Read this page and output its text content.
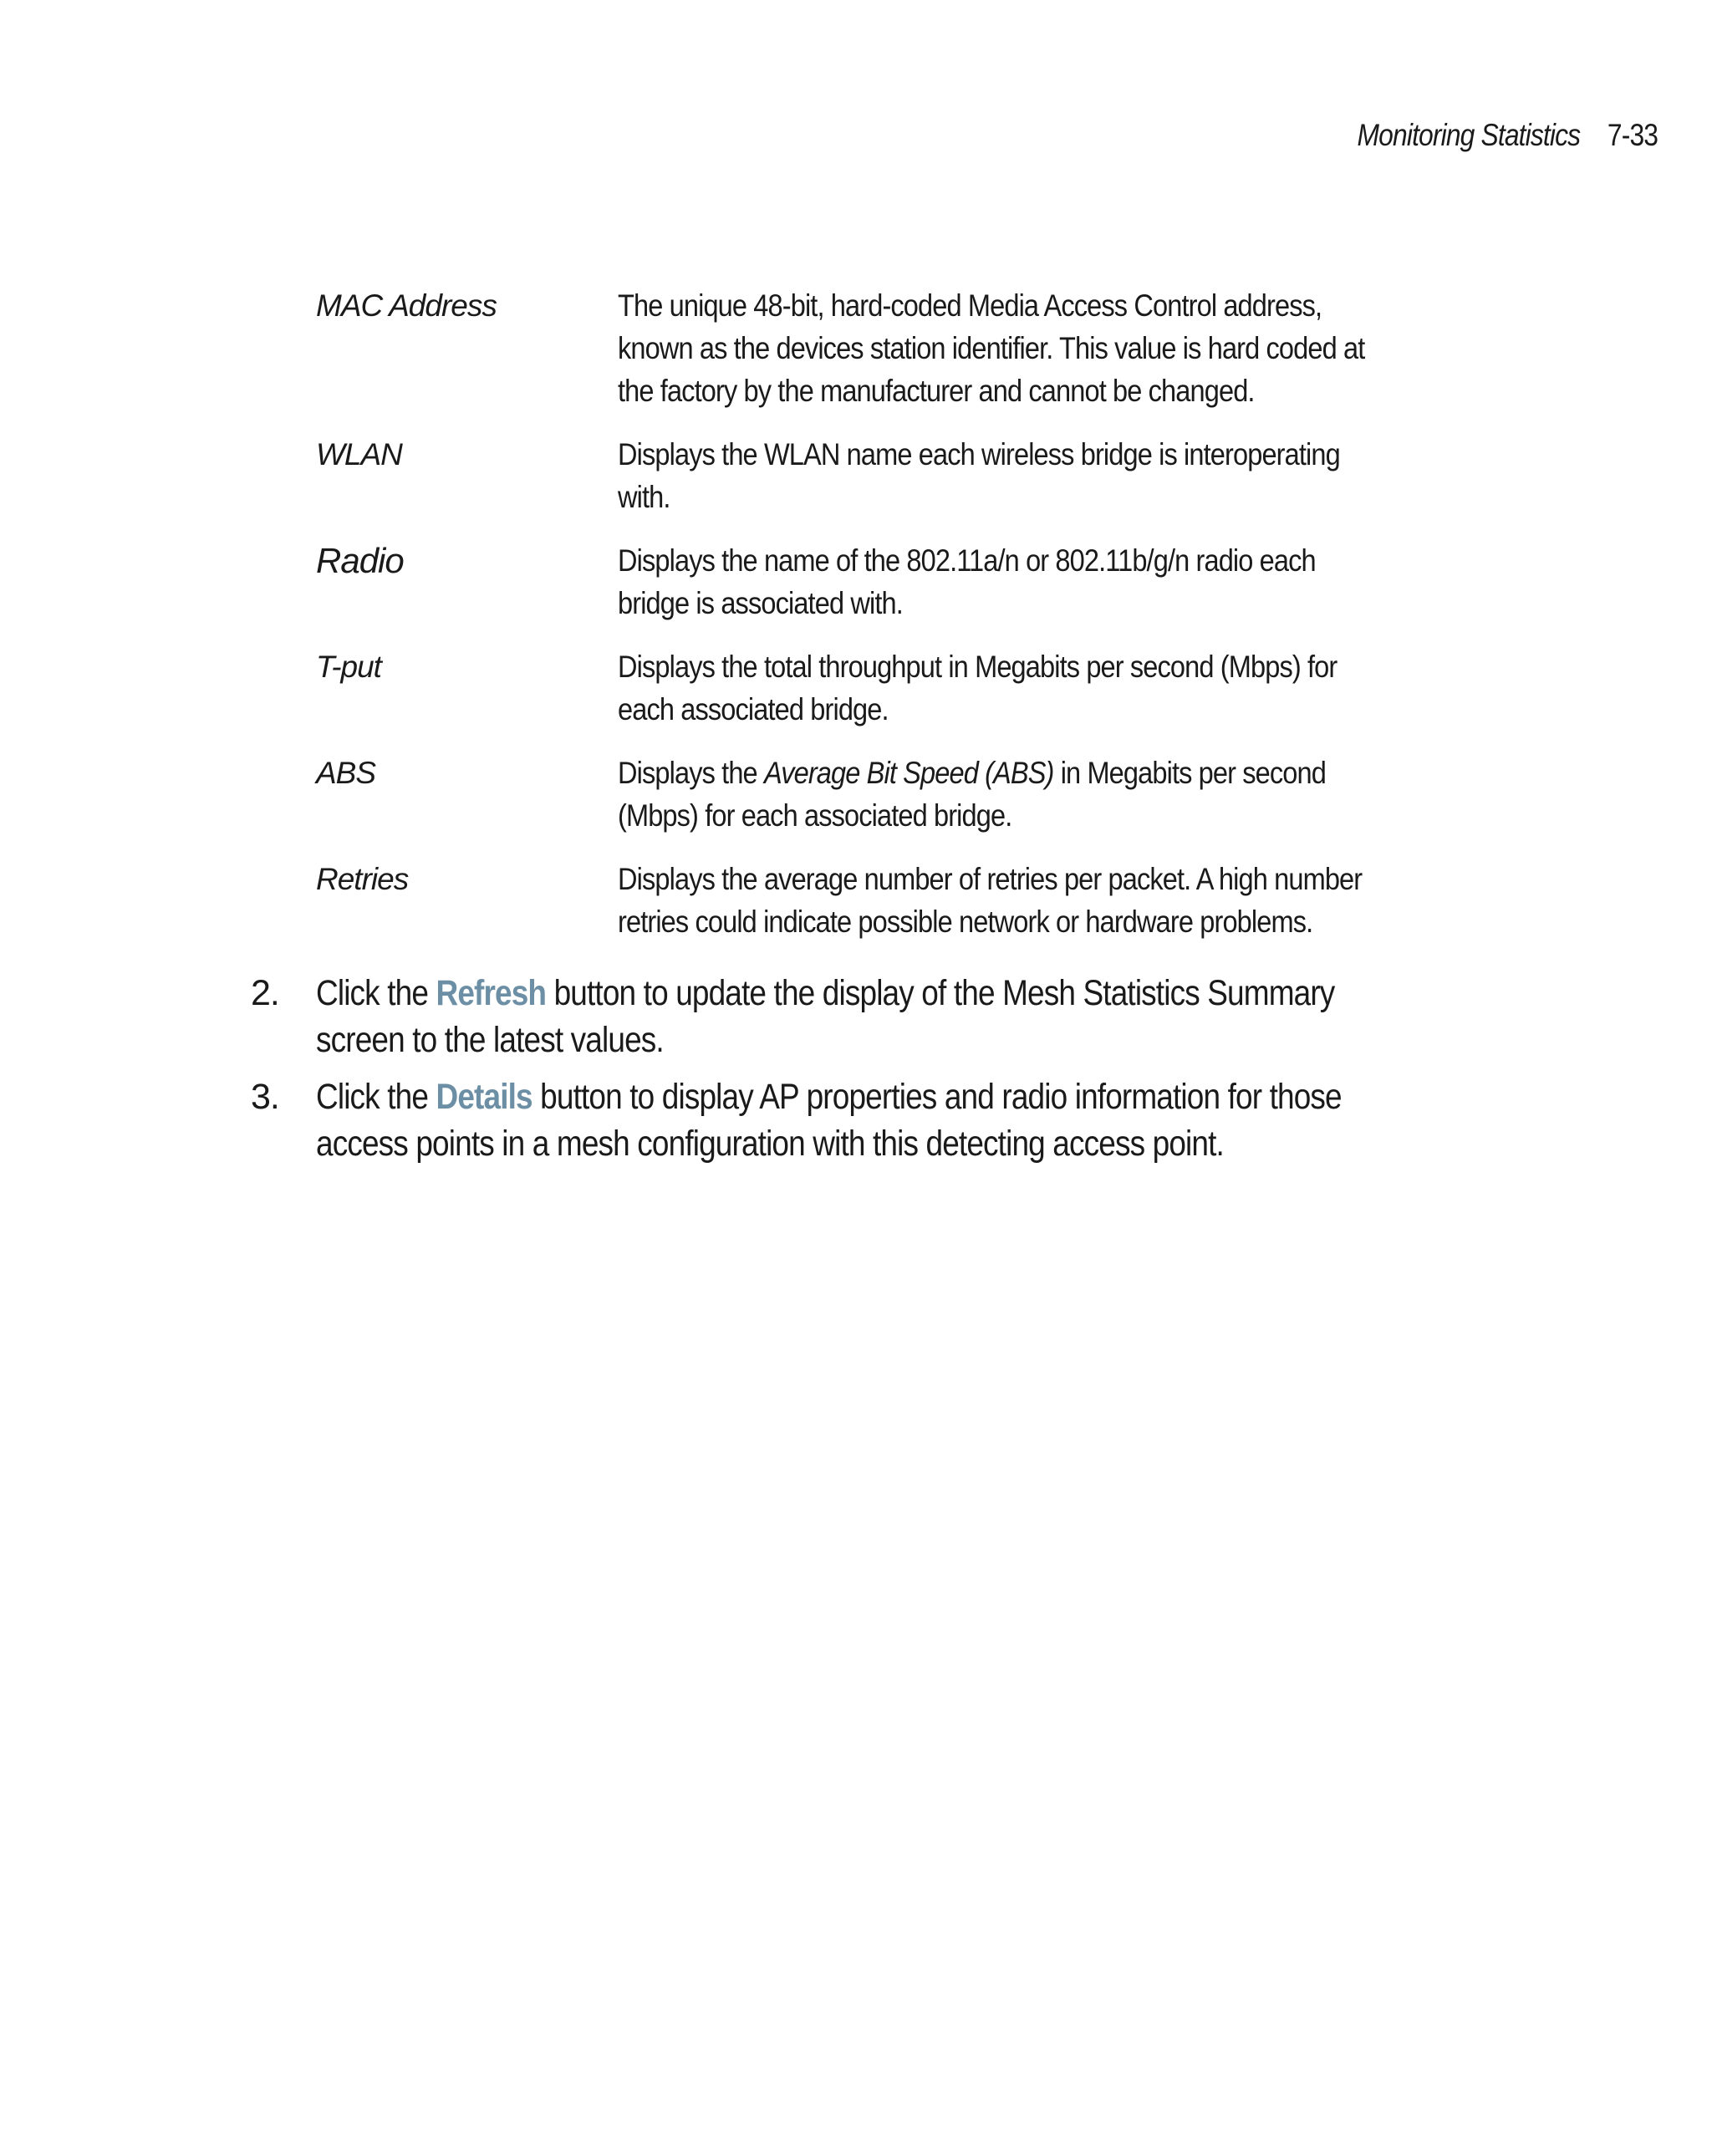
Monitoring Statistics 7-33
MAC Address	The unique 48-bit, hard-coded Media Access Control address, known as the devices station identifier. This value is hard coded at the factory by the manufacturer and cannot be changed.
WLAN	Displays the WLAN name each wireless bridge is interoperating with.
Radio	Displays the name of the 802.11a/n or 802.11b/g/n radio each bridge is associated with.
T-put	Displays the total throughput in Megabits per second (Mbps) for each associated bridge.
ABS	Displays the Average Bit Speed (ABS) in Megabits per second (Mbps) for each associated bridge.
Retries	Displays the average number of retries per packet. A high number retries could indicate possible network or hardware problems.
2.	Click the Refresh button to update the display of the Mesh Statistics Summary screen to the latest values.
3.	Click the Details button to display AP properties and radio information for those access points in a mesh configuration with this detecting access point.
